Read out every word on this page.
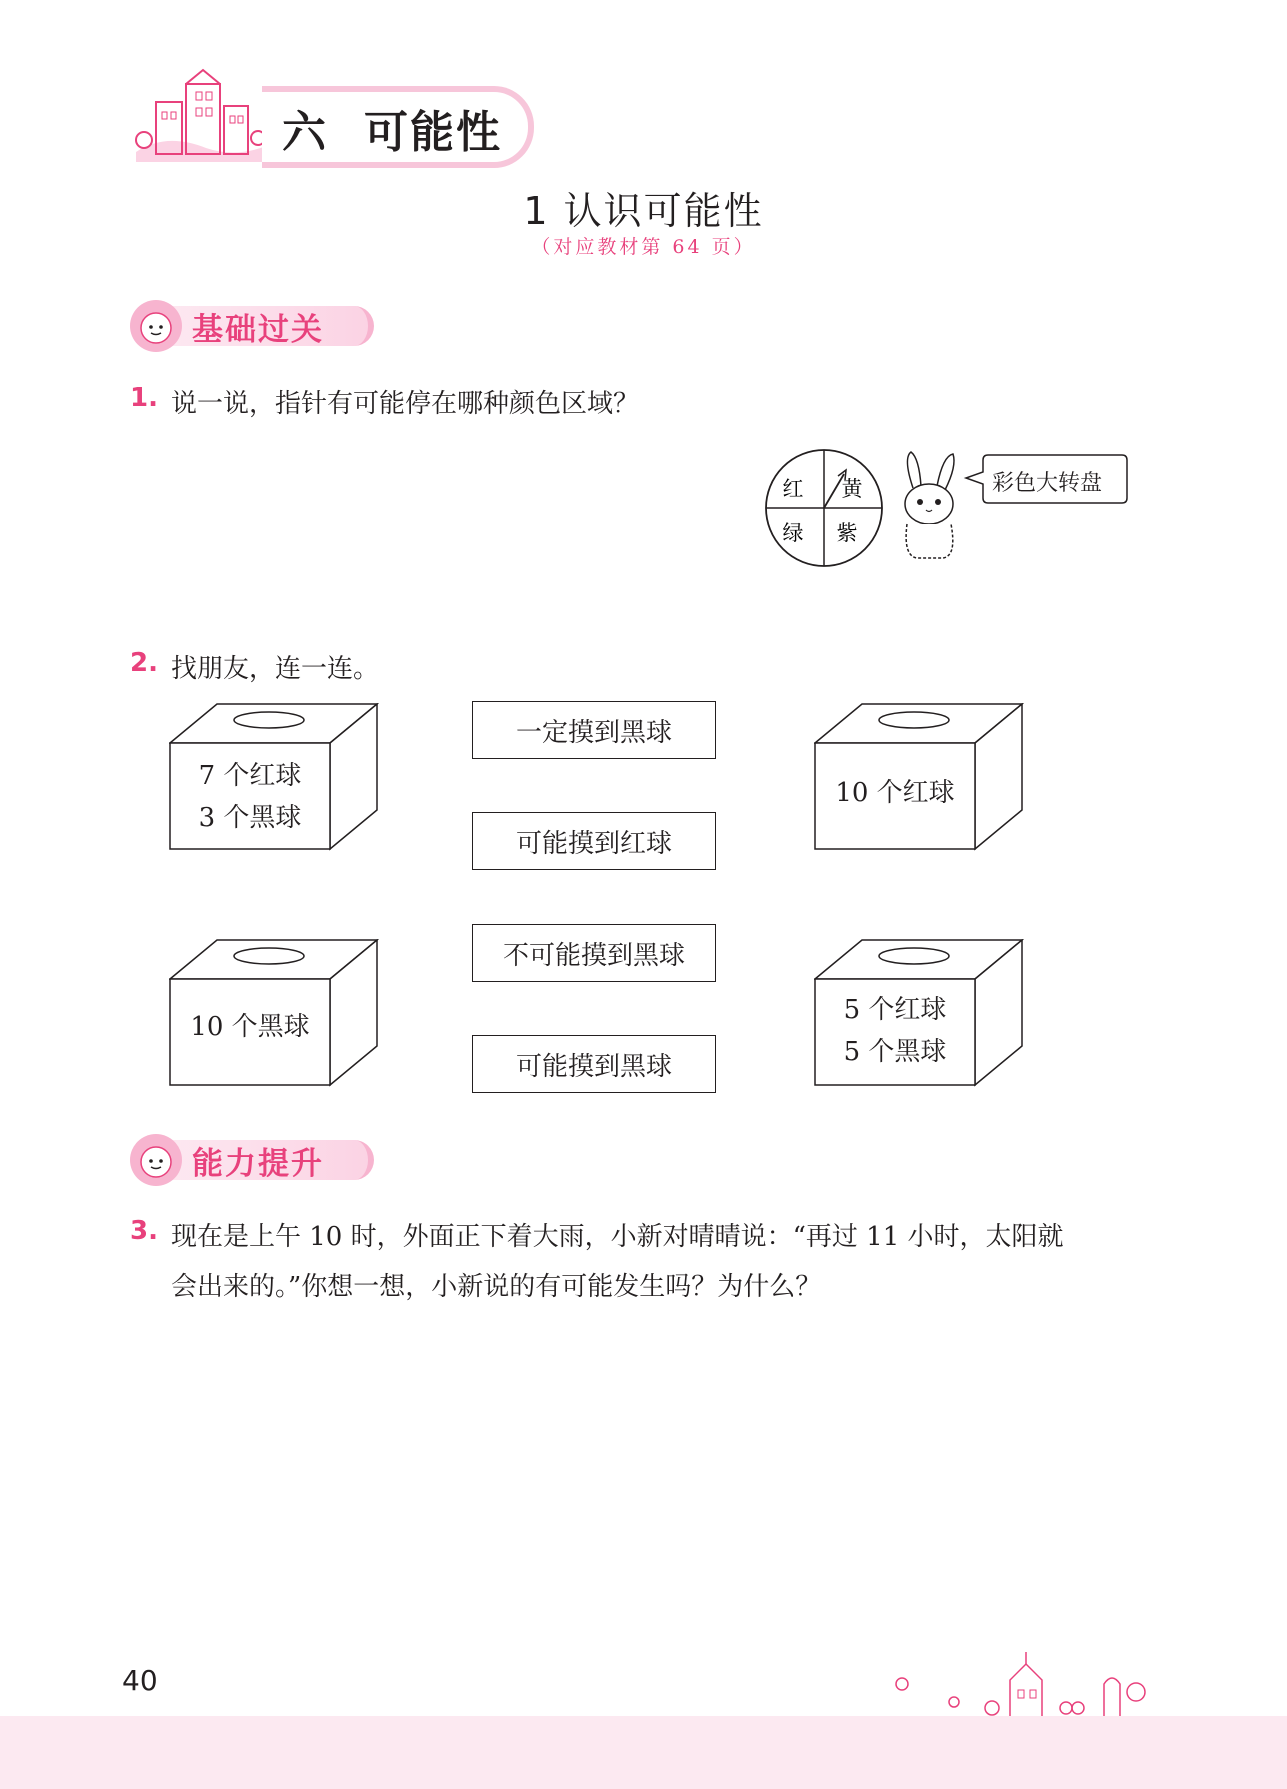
六 可能性
1 认识可能性
（对应教材第 64 页）
基础过关
1. 说一说，指针有可能停在哪种颜色区域？
红 黄
绿 紫
彩色大转盘
2. 找朋友，连一连。
7 个红球
3 个黑球
10 个黑球
10 个红球
5 个红球
5 个黑球
一定摸到黑球
可能摸到红球
不可能摸到黑球
可能摸到黑球
能力提升
3. 现在是上午 10 时，外面正下着大雨，小新对晴晴说：“再过 11 小时，太阳就
会出来的。”你想一想，小新说的有可能发生吗？为什么？
40
